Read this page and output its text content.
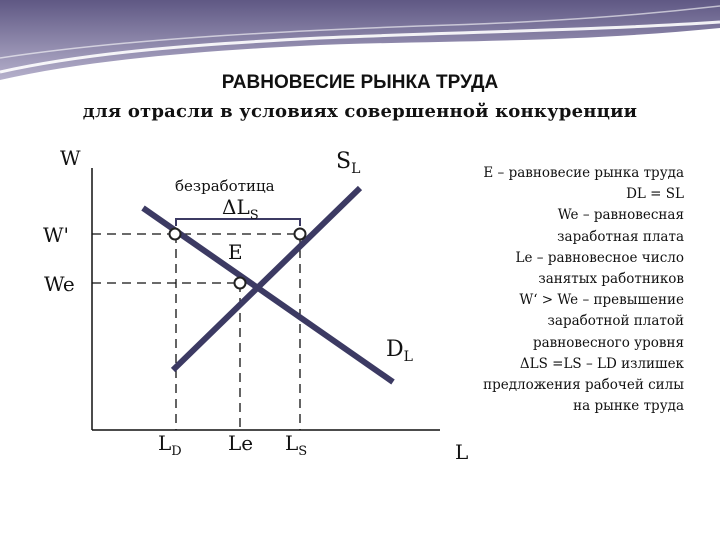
РАВНОВЕСИЕ РЫНКА ТРУДА
для отрасли в условиях совершенной конкуренции
W
L
W'
We
$S_L$
$D_L$
безработица
$\Delta L_S$
E
$L_D$ Le $L_S$
E – равновесие рынка труда
DL = SL
We – равновесная
заработная плата
Le – равновесное число
занятых работников
W‘ > We – превышение
заработной платой
равновесного уровня
ΔLS =LS – LD излишек
предложения рабочей силы
на рынке труда
